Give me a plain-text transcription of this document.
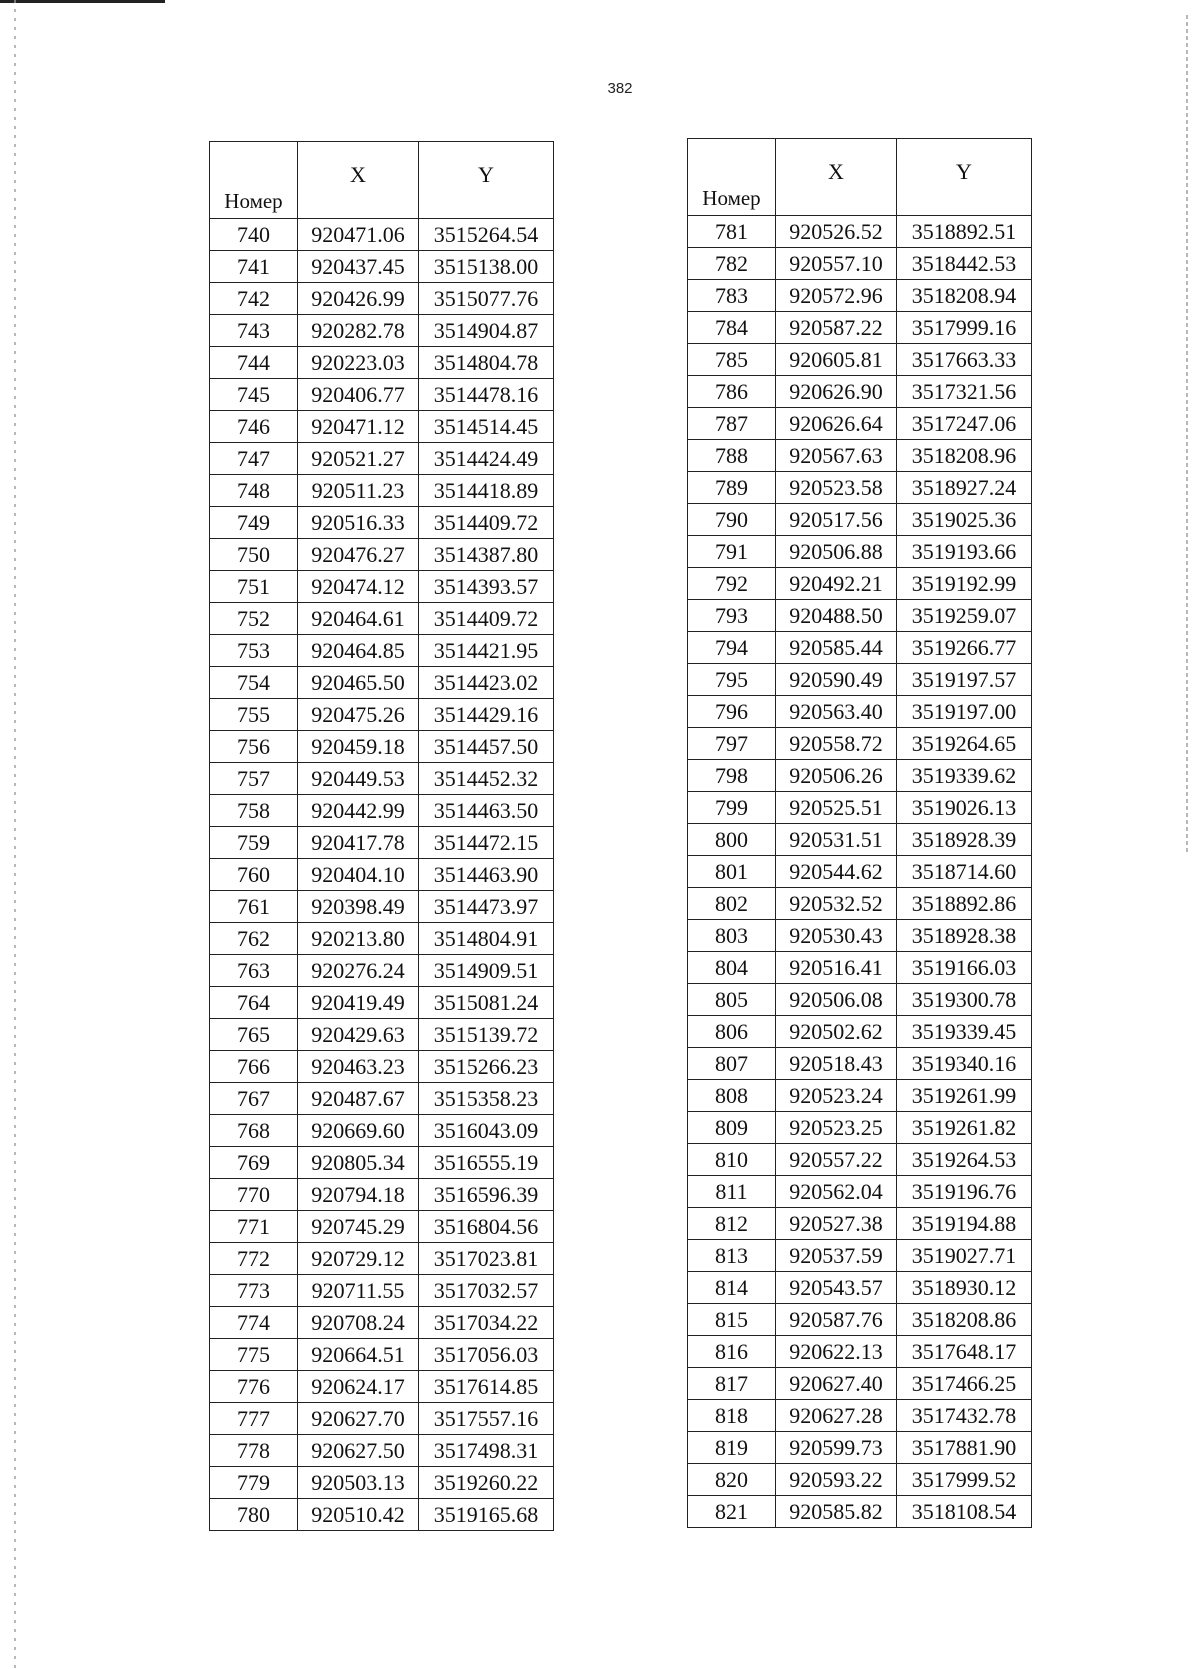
382
Номер	X	Y
740	920471.06	3515264.54
741	920437.45	3515138.00
742	920426.99	3515077.76
743	920282.78	3514904.87
744	920223.03	3514804.78
745	920406.77	3514478.16
746	920471.12	3514514.45
747	920521.27	3514424.49
748	920511.23	3514418.89
749	920516.33	3514409.72
750	920476.27	3514387.80
751	920474.12	3514393.57
752	920464.61	3514409.72
753	920464.85	3514421.95
754	920465.50	3514423.02
755	920475.26	3514429.16
756	920459.18	3514457.50
757	920449.53	3514452.32
758	920442.99	3514463.50
759	920417.78	3514472.15
760	920404.10	3514463.90
761	920398.49	3514473.97
762	920213.80	3514804.91
763	920276.24	3514909.51
764	920419.49	3515081.24
765	920429.63	3515139.72
766	920463.23	3515266.23
767	920487.67	3515358.23
768	920669.60	3516043.09
769	920805.34	3516555.19
770	920794.18	3516596.39
771	920745.29	3516804.56
772	920729.12	3517023.81
773	920711.55	3517032.57
774	920708.24	3517034.22
775	920664.51	3517056.03
776	920624.17	3517614.85
777	920627.70	3517557.16
778	920627.50	3517498.31
779	920503.13	3519260.22
780	920510.42	3519165.68
Номер	X	Y
781	920526.52	3518892.51
782	920557.10	3518442.53
783	920572.96	3518208.94
784	920587.22	3517999.16
785	920605.81	3517663.33
786	920626.90	3517321.56
787	920626.64	3517247.06
788	920567.63	3518208.96
789	920523.58	3518927.24
790	920517.56	3519025.36
791	920506.88	3519193.66
792	920492.21	3519192.99
793	920488.50	3519259.07
794	920585.44	3519266.77
795	920590.49	3519197.57
796	920563.40	3519197.00
797	920558.72	3519264.65
798	920506.26	3519339.62
799	920525.51	3519026.13
800	920531.51	3518928.39
801	920544.62	3518714.60
802	920532.52	3518892.86
803	920530.43	3518928.38
804	920516.41	3519166.03
805	920506.08	3519300.78
806	920502.62	3519339.45
807	920518.43	3519340.16
808	920523.24	3519261.99
809	920523.25	3519261.82
810	920557.22	3519264.53
811	920562.04	3519196.76
812	920527.38	3519194.88
813	920537.59	3519027.71
814	920543.57	3518930.12
815	920587.76	3518208.86
816	920622.13	3517648.17
817	920627.40	3517466.25
818	920627.28	3517432.78
819	920599.73	3517881.90
820	920593.22	3517999.52
821	920585.82	3518108.54
